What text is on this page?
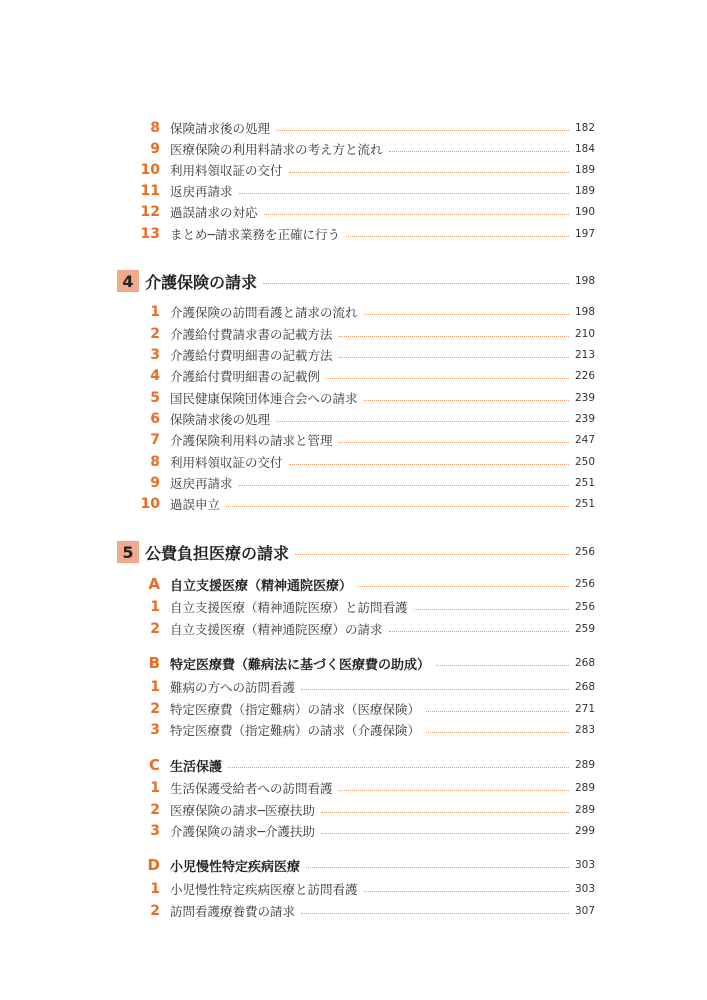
8 保険請求後の処理	182
9 医療保険の利用料請求の考え方と流れ	184
10 利用料領収証の交付	189
11 返戻再請求	189
12 過誤請求の対応	190
13 まとめ─請求業務を正確に行う	197
4 介護保険の請求	198
1 介護保険の訪問看護と請求の流れ	198
2 介護給付費請求書の記載方法	210
3 介護給付費明細書の記載方法	213
4 介護給付費明細書の記載例	226
5 国民健康保険団体連合会への請求	239
6 保険請求後の処理	239
7 介護保険利用料の請求と管理	247
8 利用料領収証の交付	250
9 返戻再請求	251
10 過誤申立	251
5 公費負担医療の請求	256
A 自立支援医療（精神通院医療）	256
1 自立支援医療（精神通院医療）と訪問看護	256
2 自立支援医療（精神通院医療）の請求	259
B 特定医療費（難病法に基づく医療費の助成）	268
1 難病の方への訪問看護	268
2 特定医療費（指定難病）の請求（医療保険）	271
3 特定医療費（指定難病）の請求（介護保険）	283
C 生活保護	289
1 生活保護受給者への訪問看護	289
2 医療保険の請求─医療扶助	289
3 介護保険の請求─介護扶助	299
D 小児慢性特定疾病医療	303
1 小児慢性特定疾病医療と訪問看護	303
2 訪問看護療養費の請求	307
